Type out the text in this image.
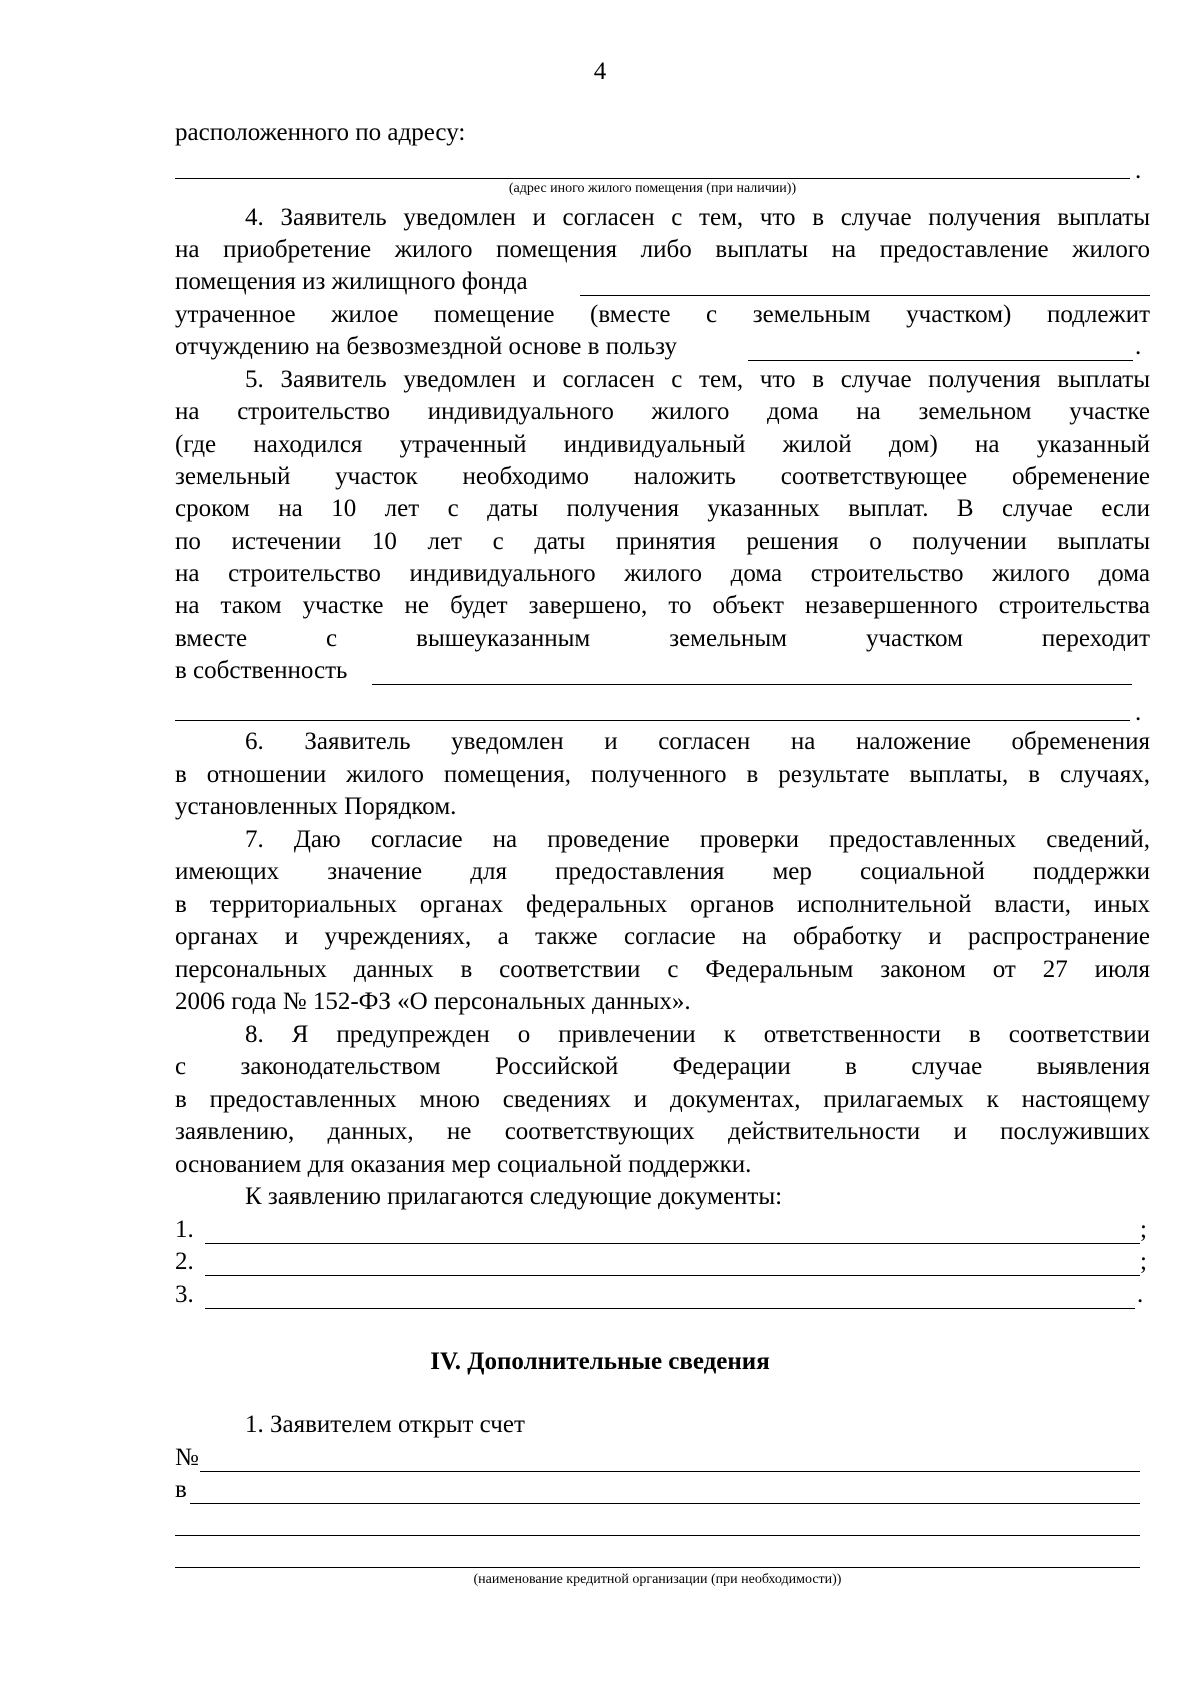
4
расположенного по адресу:
.
(адрес иного жилого помещения (при наличии))
4. Заявитель уведомлен и согласен с тем, что в случае получения выплаты
на приобретение жилого помещения либо выплаты на предоставление жилого
помещения из жилищного фонда
утраченное жилое помещение (вместе с земельным участком) подлежит
отчуждению на безвозмездной основе в пользу	.
5. Заявитель уведомлен и согласен с тем, что в случае получения выплаты
на строительство индивидуального жилого дома на земельном участке
(где находился утраченный индивидуальный жилой дом) на указанный
земельный участок необходимо наложить соответствующее обременение
сроком на 10 лет с даты получения указанных выплат. В случае если
по истечении 10 лет с даты принятия решения о получении выплаты
на строительство индивидуального жилого дома строительство жилого дома
на таком участке не будет завершено, то объект незавершенного строительства
вместе с вышеуказанным земельным участком переходит
в собственность
.
6. Заявитель уведомлен и согласен на наложение обременения
в отношении жилого помещения, полученного в результате выплаты, в случаях,
установленных Порядком.
7. Даю согласие на проведение проверки предоставленных сведений,
имеющих значение для предоставления мер социальной поддержки
в территориальных органах федеральных органов исполнительной власти, иных
органах и учреждениях, а также согласие на обработку и распространение
персональных данных в соответствии с Федеральным законом от 27 июля
2006 года № 152-ФЗ «О персональных данных».
8. Я предупрежден о привлечении к ответственности в соответствии
с законодательством Российской Федерации в случае выявления
в предоставленных мною сведениях и документах, прилагаемых к настоящему
заявлению, данных, не соответствующих действительности и послуживших
основанием для оказания мер социальной поддержки.
К заявлению прилагаются следующие документы:
1.	;
2.	;
3.	.
IV. Дополнительные сведения
1. Заявителем открыт счет
№
в
(наименование кредитной организации (при необходимости))
